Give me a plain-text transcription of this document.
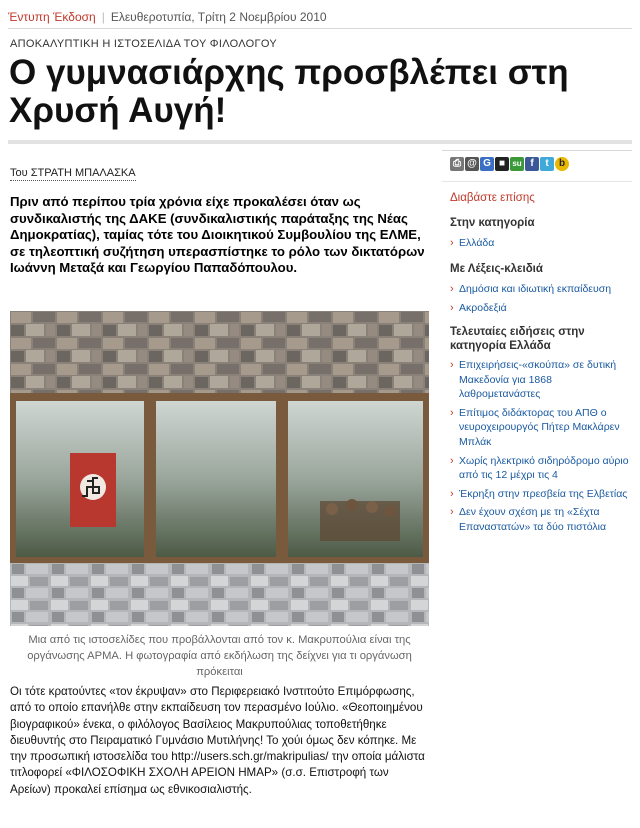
Έντυπη Έκδοση | Ελευθεροτυπία, Τρίτη 2 Νοεμβρίου 2010
ΑΠΟΚΑΛΥΠΤΙΚΗ Η ΙΣΤΟΣΕΛΙΔΑ ΤΟΥ ΦΙΛΟΛΟΓΟΥ
Ο γυμνασιάρχης προσβλέπει στη Χρυσή Αυγή!
Του ΣΤΡΑΤΗ ΜΠΑΛΑΣΚΑ
Πριν από περίπου τρία χρόνια είχε προκαλέσει όταν ως συνδικαλιστής της ΔΑΚΕ (συνδικαλιστικής παράταξης της Νέας Δημοκρατίας), ταμίας τότε του Διοικητικού Συμβουλίου της ΕΛΜΕ, σε τηλεοπτική συζήτηση υπερασπίστηκε το ρόλο των δικτατόρων Ιωάννη Μεταξά και Γεωργίου Παπαδόπουλου.
Μια από τις ιστοσελίδες που προβάλλονται από τον κ. Μακρυπούλια είναι της οργάνωσης ΑΡΜΑ. Η φωτογραφία από εκδήλωση της δείχνει για τι οργάνωση πρόκειται

Οι τότε κρατούντες «τον έκρυψαν» στο Περιφερειακό Ινστιτούτο Επιμόρφωσης, από το οποίο επανήλθε στην εκπαίδευση τον περασμένο Ιούλιο. «Θεοποιημένου βιογραφικού» ένεκα, ο φιλόλογος Βασίλειος Μακρυπούλιας τοποθετήθηκε διευθυντής στο Πειραματικό Γυμνάσιο Μυτιλήνης! Το χούι όμως δεν κόπηκε. Με την προσωπική ιστοσελίδα του http://users.sch.gr/makripulias/ την οποία μάλιστα τιτλοφορεί «ΦΙΛΟΣΟΦΙΚΗ ΣΧΟΛΗ ΑΡΕΙΟΝ ΗΜΑΡ» (σ.σ. Επιστροφή των Αρείων) προκαλεί επίσημα ως εθνικοσιαλιστής.

⎙ @ G ■ su f	t	b
Διαβάστε επίσης
Στην κατηγορία
› Ελλάδα
Με Λέξεις-κλειδιά
› Δημόσια και ιδιωτική εκπαίδευση
› Ακροδεξιά
Τελευταίες ειδήσεις στην κατηγορία Ελλάδα
› Επιχειρήσεις-«σκούπα» σε δυτική Μακεδονία για 1868 λαθρομετανάστες
› Επίτιμος διδάκτορας του ΑΠΘ ο νευροχειρουργός Πήτερ Μακλάρεν Μπλάκ
› Χωρίς ηλεκτρικό σιδηρόδρομο αύριο από τις 12 μέχρι τις 4
› Έκρηξη στην πρεσβεία της Ελβετίας
› Δεν έχουν σχέση με τη «Σέχτα Επαναστατών» τα δύο πιστόλια
